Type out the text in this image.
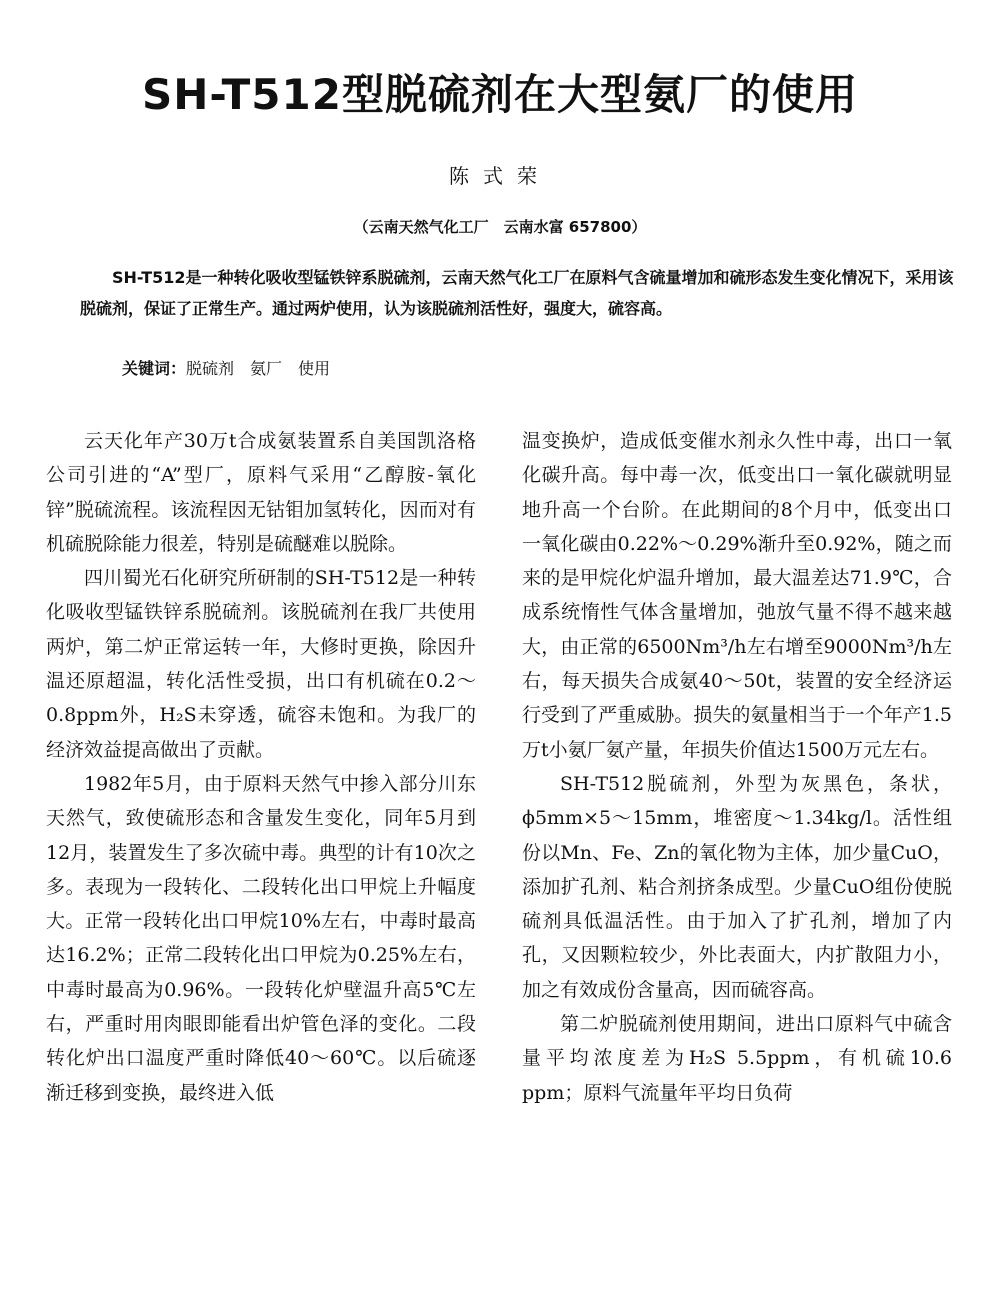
SH-T512型脱硫剂在大型氨厂的使用
陈式荣
（云南天然气化工厂　云南水富 657800）

SH-T512是一种转化吸收型锰铁锌系脱硫剂，云南天然气化工厂在原料气含硫量增加和硫形态发生变化情况下，采用该脱硫剂，保证了正常生产。通过两炉使用，认为该脱硫剂活性好，强度大，硫容高。

关键词：脱硫剂　氨厂　使用

云天化年产30万t合成氨装置系自美国凯洛格公司引进的“A”型厂，原料气采用“乙醇胺-氧化锌”脱硫流程。该流程因无钴钼加氢转化，因而对有机硫脱除能力很差，特别是硫醚难以脱除。

四川蜀光石化研究所研制的SH-T512是一种转化吸收型锰铁锌系脱硫剂。该脱硫剂在我厂共使用两炉，第二炉正常运转一年，大修时更换，除因升温还原超温，转化活性受损，出口有机硫在0.2～0.8ppm外，H₂S未穿透，硫容未饱和。为我厂的经济效益提高做出了贡献。

1982年5月，由于原料天然气中掺入部分川东天然气，致使硫形态和含量发生变化，同年5月到12月，装置发生了多次硫中毒。典型的计有10次之多。表现为一段转化、二段转化出口甲烷上升幅度大。正常一段转化出口甲烷10%左右，中毒时最高达16.2%；正常二段转化出口甲烷为0.25%左右，中毒时最高为0.96%。一段转化炉壁温升高5℃左右，严重时用肉眼即能看出炉管色泽的变化。二段转化炉出口温度严重时降低40～60℃。以后硫逐渐迁移到变换，最终进入低

温变换炉，造成低变催水剂永久性中毒，出口一氧化碳升高。每中毒一次，低变出口一氧化碳就明显地升高一个台阶。在此期间的8个月中，低变出口一氧化碳由0.22%～0.29%渐升至0.92%，随之而来的是甲烷化炉温升增加，最大温差达71.9℃，合成系统惰性气体含量增加，弛放气量不得不越来越大，由正常的6500Nm³/h左右增至9000Nm³/h左右，每天损失合成氨40～50t，装置的安全经济运行受到了严重威胁。损失的氨量相当于一个年产1.5万t小氨厂氨产量，年损失价值达1500万元左右。

SH-T512脱硫剂，外型为灰黑色，条状，ϕ5mm×5～15mm，堆密度～1.34kg/l。活性组份以Mn、Fe、Zn的氧化物为主体，加少量CuO，添加扩孔剂、粘合剂挤条成型。少量CuO组份使脱硫剂具低温活性。由于加入了扩孔剂，增加了内孔，又因颗粒较少，外比表面大，内扩散阻力小，加之有效成份含量高，因而硫容高。

第二炉脱硫剂使用期间，进出口原料气中硫含量平均浓度差为H₂S 5.5ppm，有机硫10.6 ppm；原料气流量年平均日负荷
